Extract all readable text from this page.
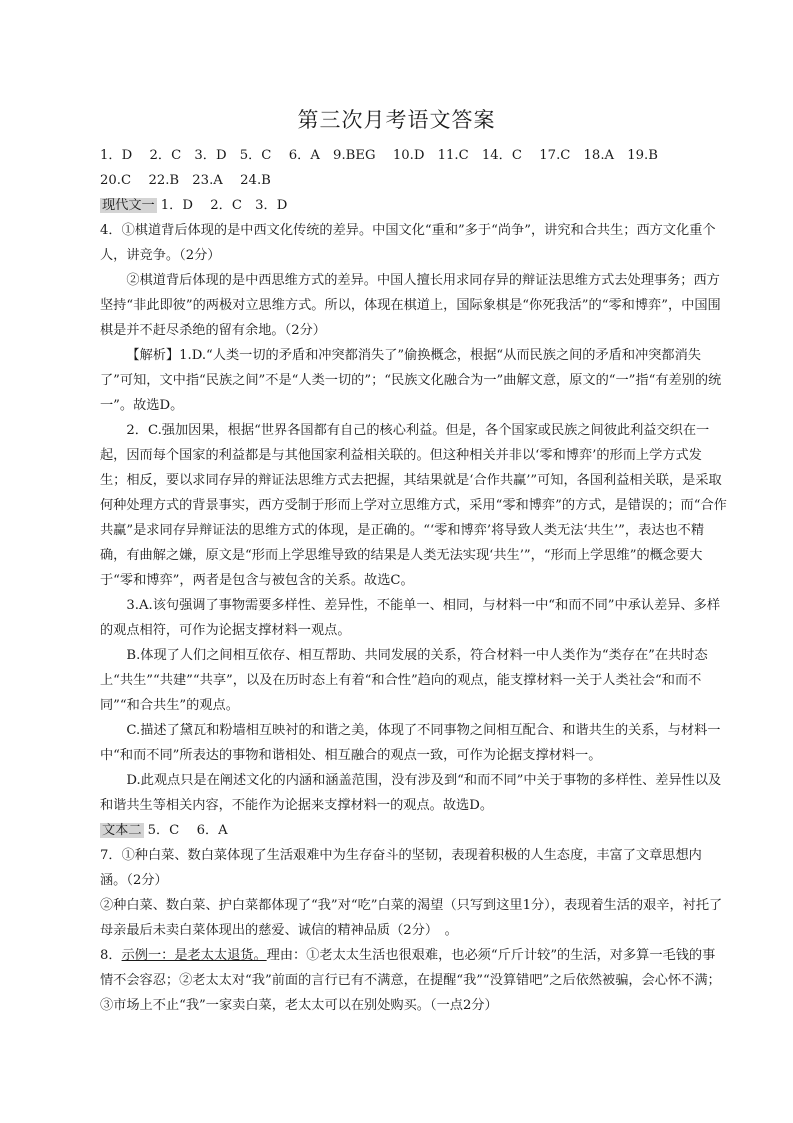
第三次月考语文答案

1．D　 2．C　3．D　5．C　 6．A　9.BEG　 10.D　11.C　14．C　 17.C　18.A　19.B

20.C　 22.B　23.A　 24.B

现代文一 1．D　 2．C　3．D

4．①棋道背后体现的是中西文化传统的差异。中国文化“重和”多于“尚争”，讲究和合共生；西方文化重个人，讲竞争。（2分）

②棋道背后体现的是中西思维方式的差异。中国人擅长用求同存异的辩证法思维方式去处理事务；西方坚持“非此即彼”的两极对立思维方式。所以，体现在棋道上，国际象棋是“你死我活”的“零和博弈”，中国围棋是并不赶尽杀绝的留有余地。（2分）

【解析】1.D.“人类一切的矛盾和冲突都消失了”偷换概念，根据“从而民族之间的矛盾和冲突都消失了”可知，文中指“民族之间”不是“人类一切的”；“民族文化融合为一”曲解文意，原文的“一”指“有差别的统一”。故选D。

2．C.强加因果，根据“世界各国都有自己的核心利益。但是，各个国家或民族之间彼此利益交织在一起，因而每个国家的利益都是与其他国家利益相关联的。但这种相关并非以‘零和博弈’的形而上学方式发生；相反，要以求同存异的辩证法思维方式去把握，其结果就是‘合作共赢’”可知，各国利益相关联，是采取何种处理方式的背景事实，西方受制于形而上学对立思维方式，采用“零和博弈”的方式，是错误的；而“合作共赢”是求同存异辩证法的思维方式的体现，是正确的。“‘零和博弈’将导致人类无法‘共生’”，表达也不精确，有曲解之嫌，原文是“形而上学思维导致的结果是人类无法实现‘共生’”，“形而上学思维”的概念要大于“零和博弈”，两者是包含与被包含的关系。故选C。

3.A.该句强调了事物需要多样性、差异性，不能单一、相同，与材料一中“和而不同”中承认差异、多样的观点相符，可作为论据支撑材料一观点。

B.体现了人们之间相互依存、相互帮助、共同发展的关系，符合材料一中人类作为“类存在”在共时态上“共生”“共建”“共享”，以及在历时态上有着“和合性”趋向的观点，能支撑材料一关于人类社会“和而不同”“和合共生”的观点。

C.描述了黛瓦和粉墙相互映衬的和谐之美，体现了不同事物之间相互配合、和谐共生的关系，与材料一中“和而不同”所表达的事物和谐相处、相互融合的观点一致，可作为论据支撑材料一。

D.此观点只是在阐述文化的内涵和涵盖范围，没有涉及到“和而不同”中关于事物的多样性、差异性以及和谐共生等相关内容，不能作为论据来支撑材料一的观点。故选D。

文本二 5．C　 6．A

7．①种白菜、数白菜体现了生活艰难中为生存奋斗的坚韧，表现着积极的人生态度，丰富了文章思想内涵。（2分）

②种白菜、数白菜、护白菜都体现了“我”对“吃”白菜的渴望（只写到这里1分），表现着生活的艰辛，衬托了母亲最后未卖白菜体现出的慈爱、诚信的精神品质（2分）　。

8．示例一：是老太太退货。理由：①老太太生活也很艰难，也必须“斤斤计较”的生活，对多算一毛钱的事情不会容忍；②老太太对“我”前面的言行已有不满意，在提醒“我”“没算错吧”之后依然被骗，会心怀不满；③市场上不止“我”一家卖白菜，老太太可以在别处购买。（一点2分）
